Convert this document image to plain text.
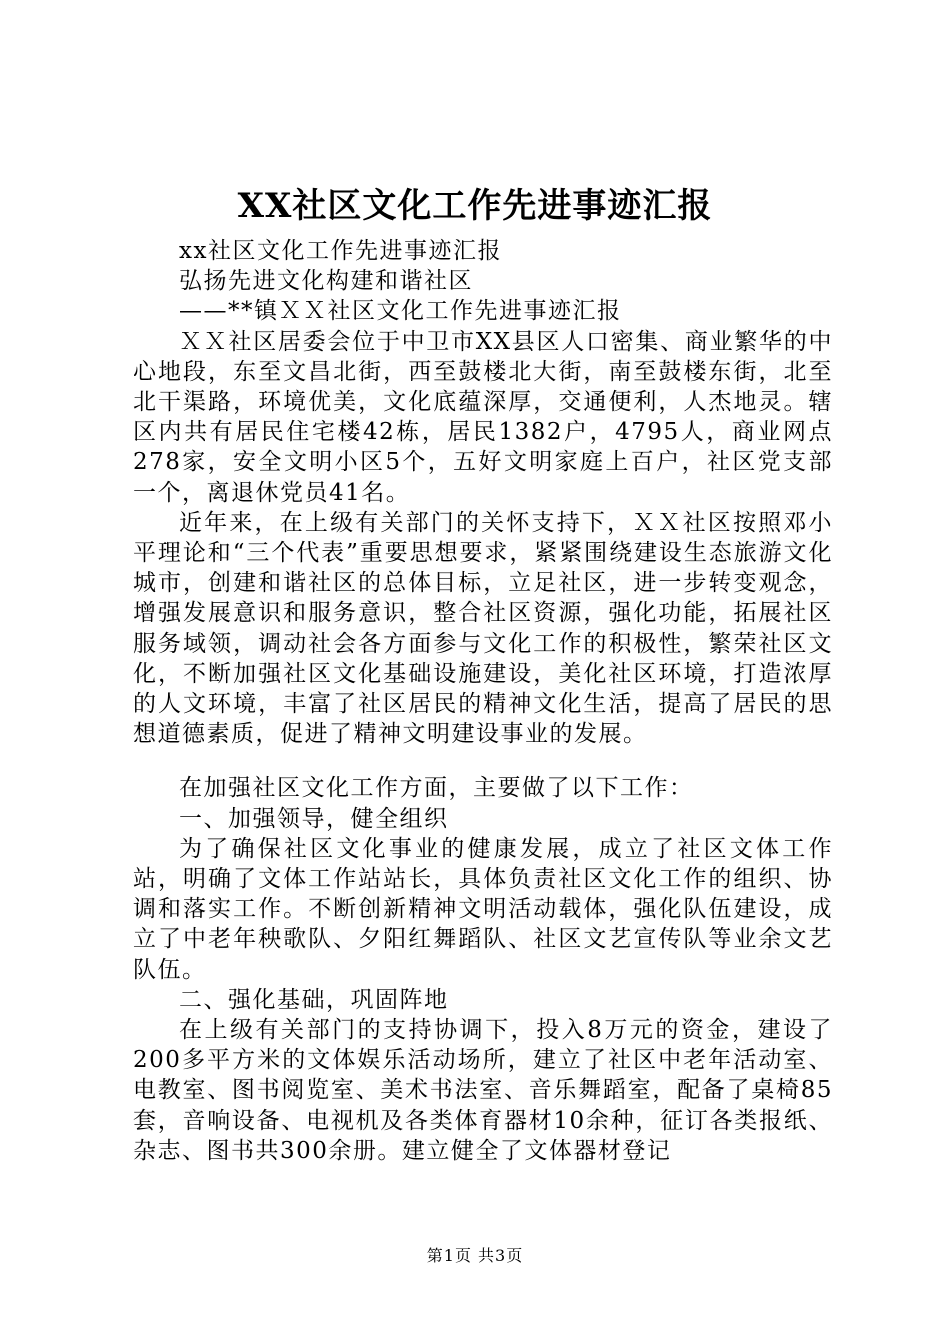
XX社区文化工作先进事迹汇报

xx社区文化工作先进事迹汇报

弘扬先进文化构建和谐社区

——**镇ＸＸ社区文化工作先进事迹汇报

ＸＸ社区居委会位于中卫市XX县区人口密集、商业繁华的中心地段，东至文昌北街，西至鼓楼北大街，南至鼓楼东街，北至北干渠路，环境优美，文化底蕴深厚，交通便利，人杰地灵。辖区内共有居民住宅楼42栋，居民1382户，4795人，商业网点278家，安全文明小区5个，五好文明家庭上百户，社区党支部一个，离退休党员41名。

近年来，在上级有关部门的关怀支持下，ＸＸ社区按照邓小平理论和“三个代表”重要思想要求，紧紧围绕建设生态旅游文化城市，创建和谐社区的总体目标，立足社区，进一步转变观念，增强发展意识和服务意识，整合社区资源，强化功能，拓展社区服务域领，调动社会各方面参与文化工作的积极性，繁荣社区文化，不断加强社区文化基础设施建设，美化社区环境，打造浓厚的人文环境，丰富了社区居民的精神文化生活，提高了居民的思想道德素质，促进了精神文明建设事业的发展。

在加强社区文化工作方面，主要做了以下工作：

一、加强领导，健全组织

为了确保社区文化事业的健康发展，成立了社区文体工作站，明确了文体工作站站长，具体负责社区文化工作的组织、协调和落实工作。不断创新精神文明活动载体，强化队伍建设，成立了中老年秧歌队、夕阳红舞蹈队、社区文艺宣传队等业余文艺队伍。

二、强化基础，巩固阵地

在上级有关部门的支持协调下，投入8万元的资金，建设了200多平方米的文体娱乐活动场所，建立了社区中老年活动室、电教室、图书阅览室、美术书法室、音乐舞蹈室，配备了桌椅85套，音响设备、电视机及各类体育器材10余种，征订各类报纸、杂志、图书共300余册。建立健全了文体器材登记

第1页 共3页
